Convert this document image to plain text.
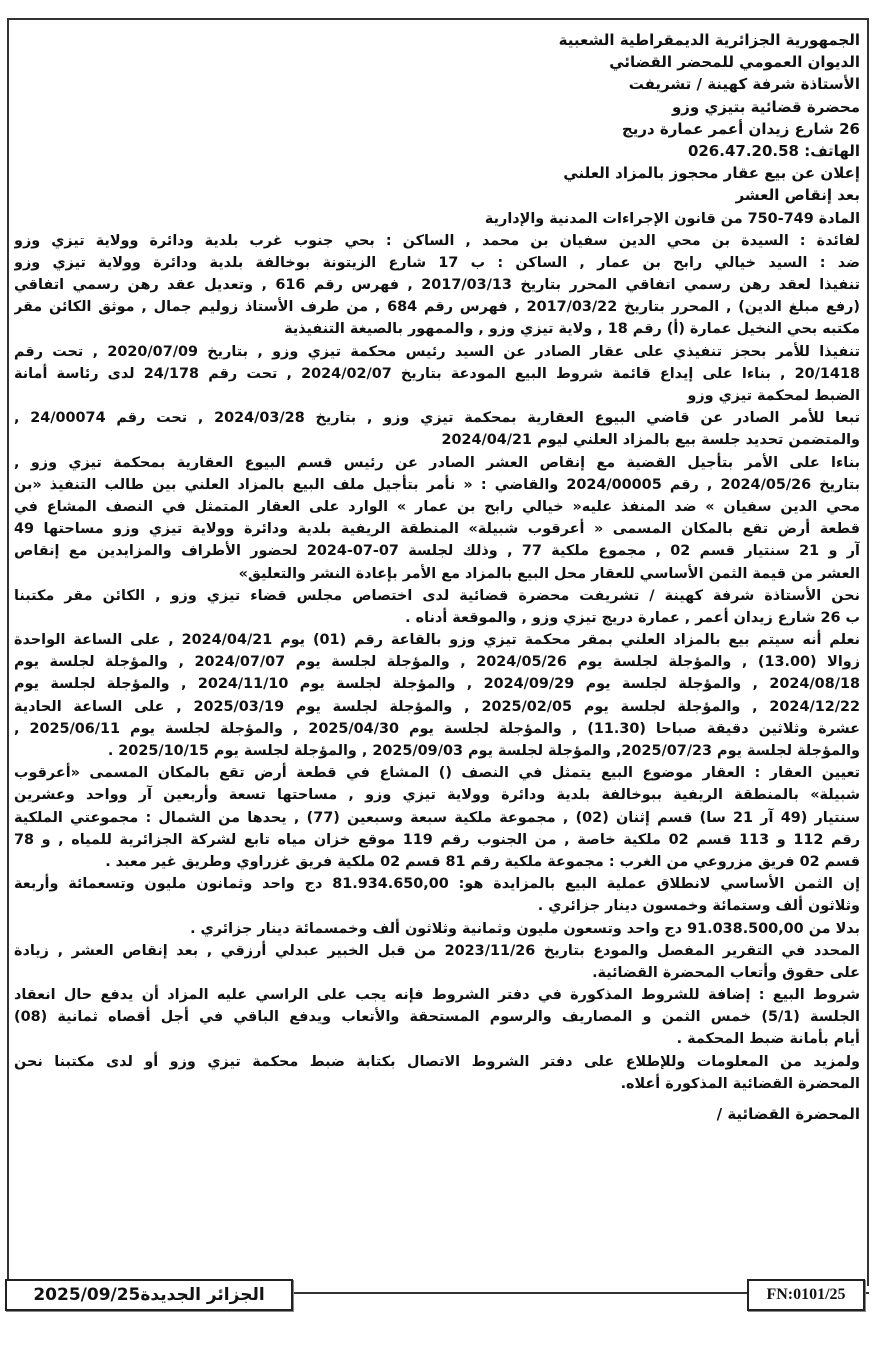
الجمهورية الجزائرية الديمقراطية الشعبية
الديوان العمومي للمحضر القضائي
الأستاذة شرفة كهينة / تشريفت
محضرة قضائية بتيزي وزو
26 شارع زيدان أعمر عمارة دريج
الهاتف: 026.47.20.58
إعلان عن بيع عقار محجوز بالمزاد العلني
بعد إنقاص العشر
المادة 749-750 من قانون الإجراءات المدنية والإدارية
لفائدة : السيدة بن محي الدين سفيان بن محمد , الساكن : بحي جنوب غرب بلدية ودائرة وولاية تيزي وزو
ضد : السيد خيالي رابح بن عمار , الساكن : ب 17 شارع الزيتونة بوخالفة بلدية ودائرة وولاية تيزي وزو
تنفيذا لعقد رهن رسمي اتفاقي المحرر بتاريخ 2017/03/13 , فهرس رقم 616 , وتعديل عقد رهن رسمي اتفاقي
(رفع مبلغ الدين) , المحرر بتاريخ 2017/03/22 , فهرس رقم 684 , من طرف الأستاذ زوليم جمال , موثق الكائن مقر
مكتبه بحي النخيل عمارة (أ) رقم 18 , ولاية تيزي وزو , والممهور بالصيغة التنفيذية
تنفيذا للأمر بحجز تنفيذي على عقار الصادر عن السيد رئيس محكمة تيزي وزو , بتاريخ 2020/07/09 , تحت رقم
20/1418 , بناءا على إيداع قائمة شروط البيع المودعة بتاريخ 2024/02/07 , تحت رقم 24/178 لدى رئاسة أمانة
الضبط لمحكمة تيزي وزو
تبعا للأمر الصادر عن قاضي البيوع العقارية بمحكمة تيزي وزو , بتاريخ 2024/03/28 , تحت رقم 24/00074 ,
والمتضمن تحديد جلسة بيع بالمزاد العلني ليوم 2024/04/21
بناءا على الأمر بتأجيل القضية مع إنقاص العشر الصادر عن رئيس قسم البيوع العقارية بمحكمة تيزي وزو ,
بتاريخ 2024/05/26 , رقم 2024/00005 والقاضي : « نأمر بتأجيل ملف البيع بالمزاد العلني بين طالب التنفيذ «بن
محي الدين سفيان » ضد المنفذ عليه« خيالي رابح بن عمار » الوارد على العقار المتمثل في النصف المشاع في
قطعة أرض تقع بالمكان المسمى « أعرقوب شبيلة» المنطقة الريفية بلدية ودائرة وولاية تيزي وزو مساحتها 49
آر و 21 سنتيار قسم 02 , مجموع ملكية 77 , وذلك لجلسة 07-07-2024 لحضور الأطراف والمزايدين مع إنقاص
العشر من قيمة الثمن الأساسي للعقار محل البيع بالمزاد مع الأمر بإعادة النشر والتعليق»
نحن الأستاذة شرفة كهينة / تشريفت محضرة قضائية لدى اختصاص مجلس قضاء تيزي وزو , الكائن مقر مكتبنا
ب 26 شارع زيدان أعمر , عمارة دريج تيزي وزو , والموقعة أدناه .
نعلم أنه سيتم بيع بالمزاد العلني بمقر محكمة تيزي وزو بالقاعة رقم (01) يوم 2024/04/21 , على الساعة الواحدة
زوالا (13.00) , والمؤجلة لجلسة يوم 2024/05/26 , والمؤجلة لجلسة يوم 2024/07/07 , والمؤجلة لجلسة يوم
2024/08/18 , والمؤجلة لجلسة يوم 2024/09/29 , والمؤجلة لجلسة يوم 2024/11/10 , والمؤجلة لجلسة يوم
2024/12/22 , والمؤجلة لجلسة يوم 2025/02/05 , والمؤجلة لجلسة يوم 2025/03/19 , على الساعة الحادية
عشرة وثلاثين دقيقة صباحا (11.30) , والمؤجلة لجلسة يوم 2025/04/30 , والمؤجلة لجلسة يوم 2025/06/11 ,
والمؤجلة لجلسة يوم 2025/07/23, والمؤجلة لجلسة يوم 2025/09/03 , والمؤجلة لجلسة يوم 2025/10/15 .
تعيين العقار : العقار موضوع البيع يتمثل في النصف () المشاع في قطعة أرض تقع بالمكان المسمى «أعرقوب
شبيلة» بالمنطقة الريفية ببوخالفة بلدية ودائرة وولاية تيزي وزو , مساحتها تسعة وأربعين آر وواحد وعشرين
سنتيار (49 آر 21 سا) قسم إثنان (02) , مجموعة ملكية سبعة وسبعين (77) , يحدها من الشمال : مجموعتي الملكية
رقم 112 و 113 قسم 02 ملكية خاصة , من الجنوب رقم 119 موقع خزان مياه تابع لشركة الجزائرية للمياه , و 78
قسم 02 فريق مزروعي من الغرب : مجموعة ملكية رقم 81 قسم 02 ملكية فريق غزراوي وطريق غير معبد .
إن الثمن الأساسي لانطلاق عملية البيع بالمزايدة هو: 81.934.650,00 دج واحد وثمانون مليون وتسعمائة وأربعة
وثلاثون ألف وستمائة وخمسون دينار جزائري .
بدلا من 91.038.500,00 دج واحد وتسعون مليون وثمانية وثلاثون ألف وخمسمائة دينار جزائري .
المحدد في التقرير المفصل والمودع بتاريخ 2023/11/26 من قبل الخبير عبدلي أرزقي , بعد إنقاص العشر , زيادة
على حقوق وأتعاب المحضرة القضائية.
شروط البيع : إضافة للشروط المذكورة في دفتر الشروط فإنه يجب على الراسي عليه المزاد أن يدفع حال انعقاد
الجلسة (5/1) خمس الثمن و المصاريف والرسوم المستحقة والأتعاب ويدفع الباقي في أجل أقصاه ثمانية (08)
أيام بأمانة ضبط المحكمة .
ولمزيد من المعلومات وللإطلاع على دفتر الشروط الاتصال بكتابة ضبط محكمة تيزي وزو أو لدى مكتبنا نحن
المحضرة القضائية المذكورة أعلاه.
المحضرة القضائية /
الجزائر الجديدة2025/09/25	FN:0101/25
